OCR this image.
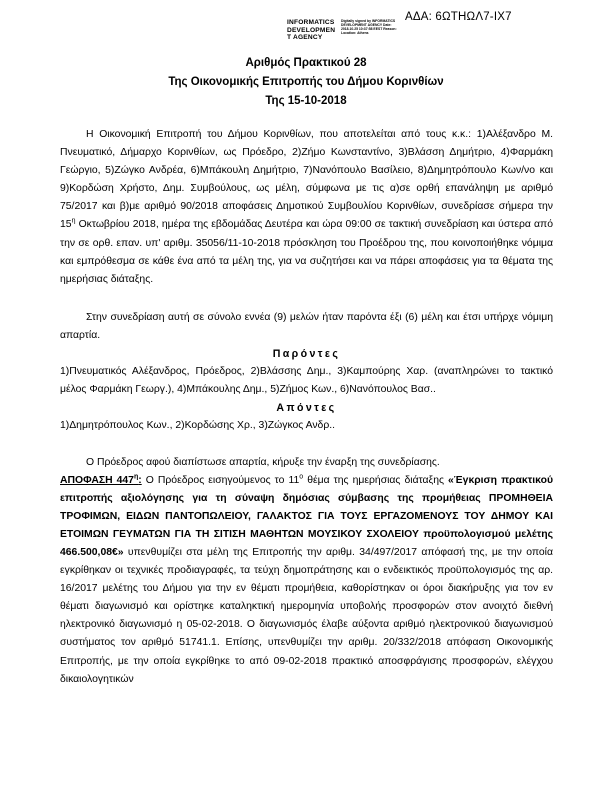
ΑΔΑ: 6ΩΤΗΩΛ7-ΙΧ7
INFORMATICS DEVELOPMEN T AGENCY
Digitally signed by INFORMATICS DEVELOPMENT AGENCY Date: 2018.10.25 10:37:58 EEST Reason: Location: Athens
Αριθμός Πρακτικού 28
Της Οικονομικής Επιτροπής του Δήμου Κορινθίων
Της 15-10-2018

Η Οικονομική Επιτροπή του Δήμου Κορινθίων, που αποτελείται από τους κ.κ.: 1)Αλέξανδρο Μ. Πνευματικό, Δήμαρχο Κορινθίων, ως Πρόεδρο, 2)Ζήμο Κωνσταντίνο, 3)Βλάσση Δημήτριο, 4)Φαρμάκη Γεώργιο, 5)Ζώγκο Ανδρέα, 6)Μπάκουλη Δημήτριο, 7)Νανόπουλο Βασίλειο, 8)Δημητρόπουλο Κων/νο και 9)Κορδώση Χρήστο, Δημ. Συμβούλους, ως μέλη, σύμφωνα με τις α)σε ορθή επανάληψη με αριθμό 75/2017 και β)με αριθμό 90/2018 αποφάσεις Δημοτικού Συμβουλίου Κορινθίων, συνεδρίασε σήμερα την $15^\eta$ Οκτωβρίου 2018, ημέρα της εβδομάδας Δευτέρα και ώρα 09:00 σε τακτική συνεδρίαση και ύστερα από την σε ορθ. επαν. υπ' αριθμ. 35056/11-10-2018 πρόσκληση του Προέδρου της, που κοινοποιήθηκε νόμιμα και εμπρόθεσμα σε κάθε ένα από τα μέλη της, για να συζητήσει και να πάρει αποφάσεις για τα θέματα της ημερήσιας διάταξης.

Στην συνεδρίαση αυτή σε σύνολο εννέα (9) μελών ήταν παρόντα έξι (6) μέλη και έτσι υπήρχε νόμιμη απαρτία.

Παρόντες

1)Πνευματικός Αλέξανδρος, Πρόεδρος, 2)Βλάσσης Δημ., 3)Καμπούρης Χαρ. (αναπληρώνει το τακτικό μέλος Φαρμάκη Γεωργ.), 4)Μπάκουλης Δημ., 5)Ζήμος Κων., 6)Νανόπουλος Βασ..

Απόντες

1)Δημητρόπουλος Κων., 2)Κορδώσης Χρ., 3)Ζώγκος Ανδρ..

Ο Πρόεδρος αφού διαπίστωσε απαρτία, κήρυξε την έναρξη της συνεδρίασης.

ΑΠΟΦΑΣΗ $447^\eta$: Ο Πρόεδρος εισηγούμενος το $11^o$ θέμα της ημερήσιας διάταξης «Έγκριση πρακτικού επιτροπής αξιολόγησης για τη σύναψη δημόσιας σύμβασης της προμήθειας ΠΡΟΜΗΘΕΙΑ ΤΡΟΦΙΜΩΝ, ΕΙΔΩΝ ΠΑΝΤΟΠΩΛΕΙΟΥ, ΓΑΛΑΚΤΟΣ ΓΙΑ ΤΟΥΣ ΕΡΓΑΖΟΜΕΝΟΥΣ ΤΟΥ ΔΗΜΟΥ ΚΑΙ ΕΤΟΙΜΩΝ ΓΕΥΜΑΤΩΝ ΓΙΑ ΤΗ ΣΙΤΙΣΗ ΜΑΘΗΤΩΝ ΜΟΥΣΙΚΟΥ ΣΧΟΛΕΙΟΥ προϋπολογισμού μελέτης 466.500,08€» υπενθυμίζει στα μέλη της Επιτροπής την αριθμ. 34/497/2017 απόφασή της, με την οποία εγκρίθηκαν οι τεχνικές προδιαγραφές, τα τεύχη δημοπράτησης και ο ενδεικτικός προϋπολογισμός της αρ. 16/2017 μελέτης του Δήμου για την εν θέματι προμήθεια, καθορίστηκαν οι όροι διακήρυξης για τον εν θέματι διαγωνισμό και ορίστηκε καταληκτική ημερομηνία υποβολής προσφορών στον ανοιχτό διεθνή ηλεκτρονικό διαγωνισμό η 05-02-2018. Ο διαγωνισμός έλαβε αύξοντα αριθμό ηλεκτρονικού διαγωνισμού συστήματος τον αριθμό 51741.1. Επίσης, υπενθυμίζει την αριθμ. 20/332/2018 απόφαση Οικονομικής Επιτροπής, με την οποία εγκρίθηκε το από 09-02-2018 πρακτικό αποσφράγισης προσφορών, ελέγχου δικαιολογητικών
